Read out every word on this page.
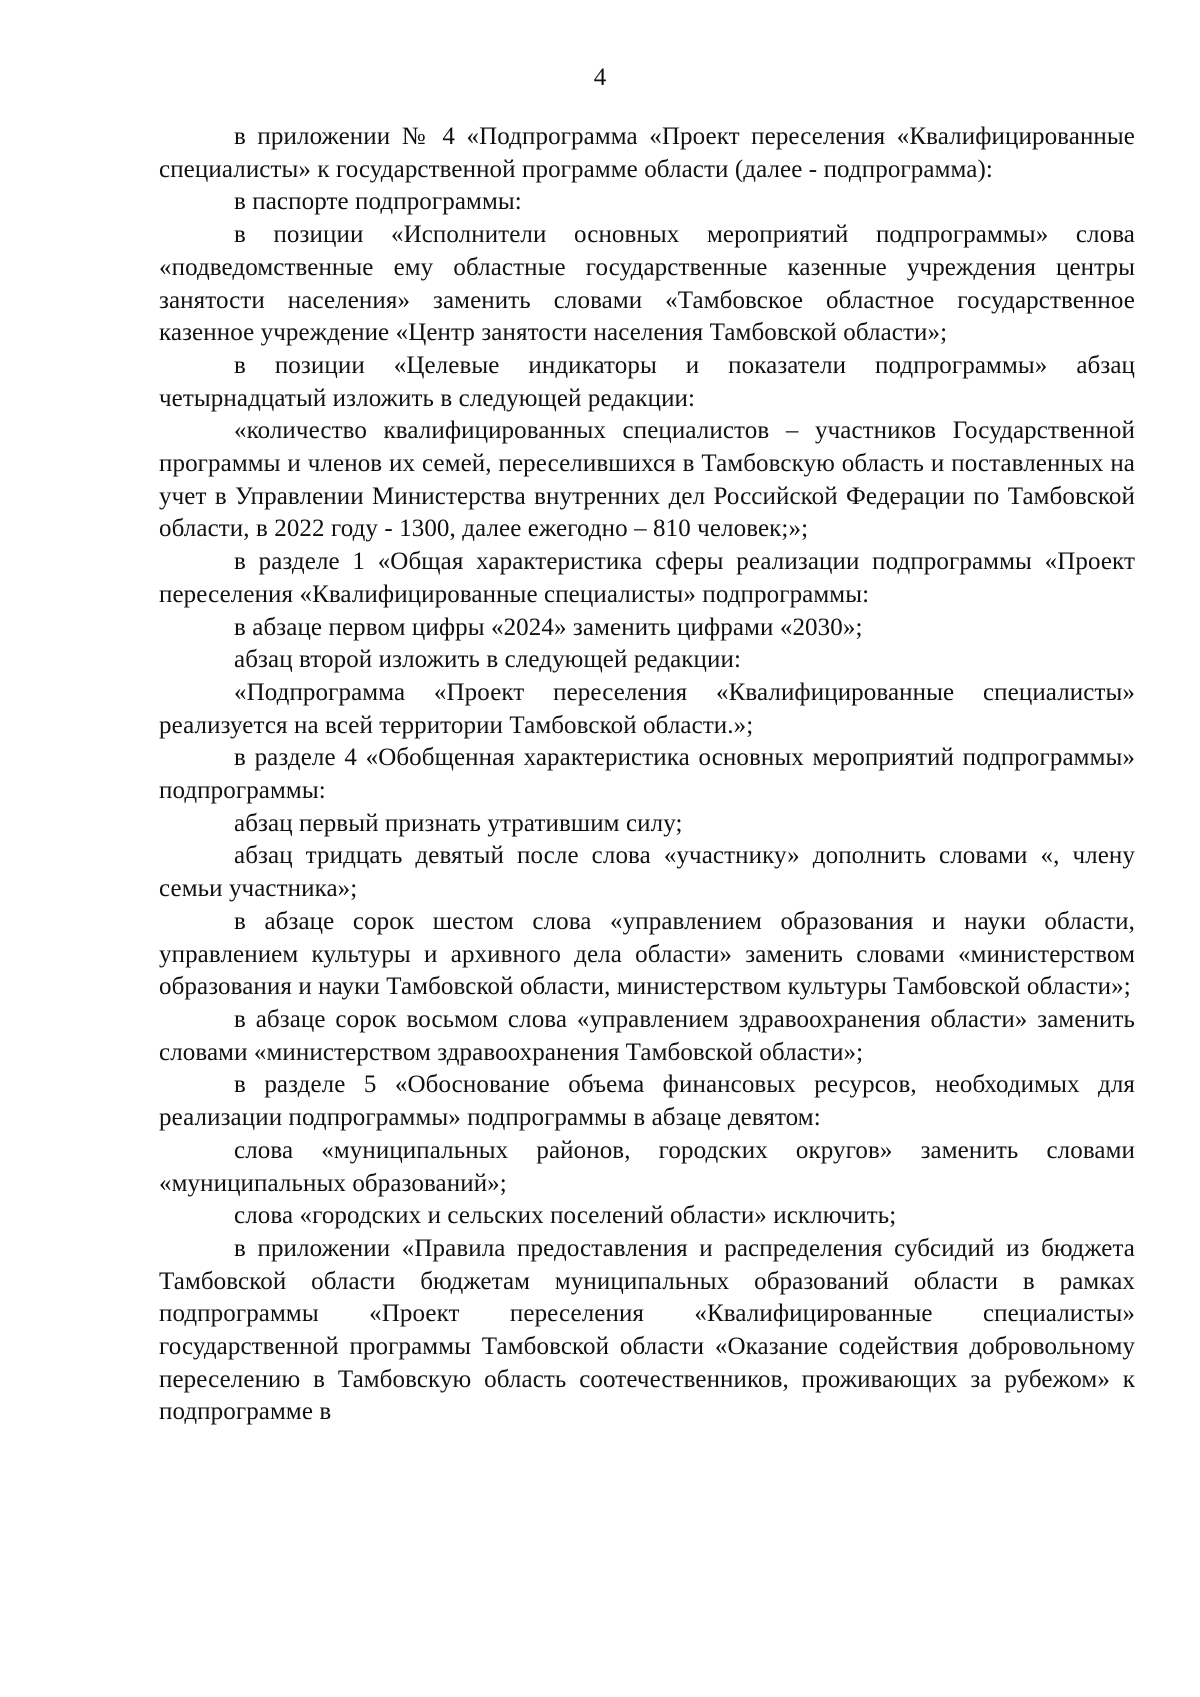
4

в приложении № 4 «Подпрограмма «Проект переселения «Квалифицированные специалисты» к государственной программе области (далее - подпрограмма):

в паспорте подпрограммы:

в позиции «Исполнители основных мероприятий подпрограммы» слова «подведомственные ему областные государственные казенные учреждения центры занятости населения» заменить словами «Тамбовское областное государственное казенное учреждение «Центр занятости населения Тамбовской области»;

в позиции «Целевые индикаторы и показатели подпрограммы» абзац четырнадцатый изложить в следующей редакции:

«количество квалифицированных специалистов – участников Государственной программы и членов их семей, переселившихся в Тамбовскую область и поставленных на учет в Управлении Министерства внутренних дел Российской Федерации по Тамбовской области, в 2022 году - 1300, далее ежегодно – 810 человек;»;

в разделе 1 «Общая характеристика сферы реализации подпрограммы «Проект переселения «Квалифицированные специалисты» подпрограммы:

в абзаце первом цифры «2024» заменить цифрами «2030»;

абзац второй изложить в следующей редакции:

«Подпрограмма «Проект переселения «Квалифицированные специалисты» реализуется на всей территории Тамбовской области.»;

в разделе 4 «Обобщенная характеристика основных мероприятий подпрограммы» подпрограммы:

абзац первый признать утратившим силу;

абзац тридцать девятый после слова «участнику» дополнить словами «, члену семьи участника»;

в абзаце сорок шестом слова «управлением образования и науки области, управлением культуры и архивного дела области» заменить словами «министерством образования и науки Тамбовской области, министерством культуры Тамбовской области»;

в абзаце сорок восьмом слова «управлением здравоохранения области» заменить словами «министерством здравоохранения Тамбовской области»;

в разделе 5 «Обоснование объема финансовых ресурсов, необходимых для реализации подпрограммы» подпрограммы в абзаце девятом:

слова «муниципальных районов, городских округов» заменить словами «муниципальных образований»;

слова «городских и сельских поселений области» исключить;

в приложении «Правила предоставления и распределения субсидий из бюджета Тамбовской области бюджетам муниципальных образований области в рамках подпрограммы «Проект переселения «Квалифицированные специалисты» государственной программы Тамбовской области «Оказание содействия добровольному переселению в Тамбовскую область соотечественников, проживающих за рубежом» к подпрограмме в
